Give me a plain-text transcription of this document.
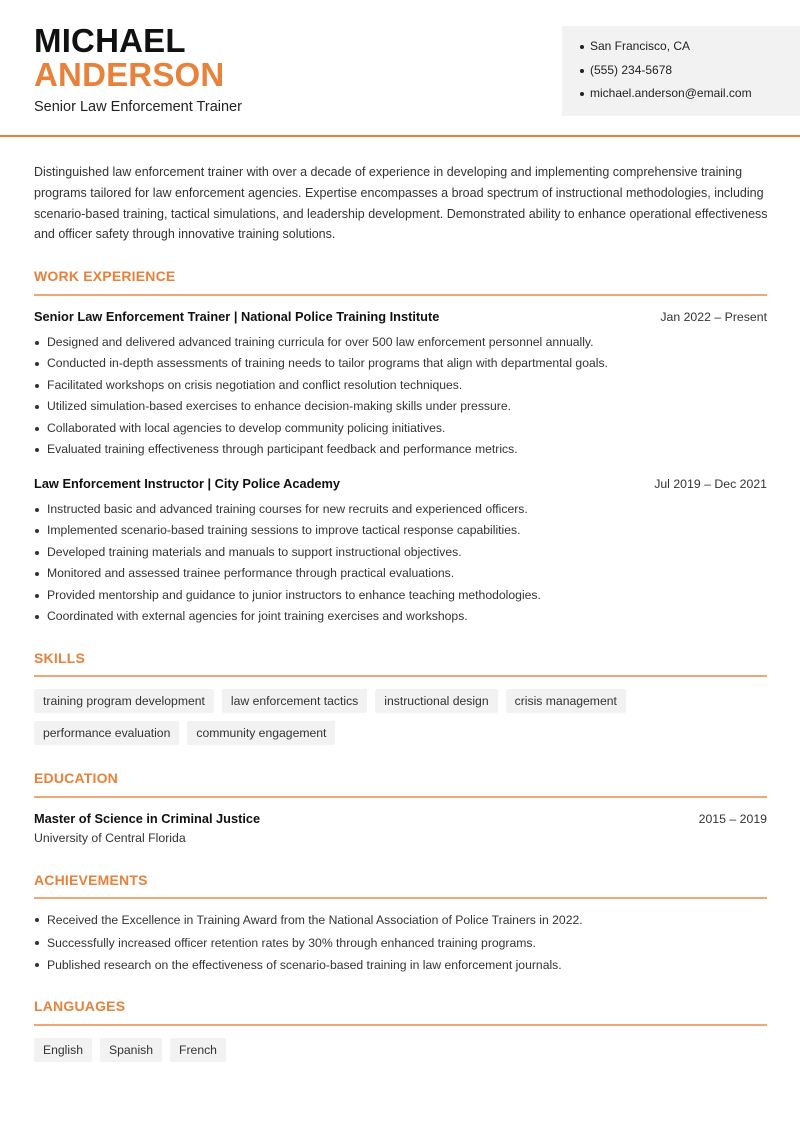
MICHAEL
ANDERSON
Senior Law Enforcement Trainer
San Francisco, CA
(555) 234-5678
michael.anderson@email.com

Distinguished law enforcement trainer with over a decade of experience in developing and implementing comprehensive training programs tailored for law enforcement agencies. Expertise encompasses a broad spectrum of instructional methodologies, including scenario-based training, tactical simulations, and leadership development. Demonstrated ability to enhance operational effectiveness and officer safety through innovative training solutions.

WORK EXPERIENCE
Senior Law Enforcement Trainer | National Police Training Institute	Jan 2022 – Present
Designed and delivered advanced training curricula for over 500 law enforcement personnel annually.
Conducted in-depth assessments of training needs to tailor programs that align with departmental goals.
Facilitated workshops on crisis negotiation and conflict resolution techniques.
Utilized simulation-based exercises to enhance decision-making skills under pressure.
Collaborated with local agencies to develop community policing initiatives.
Evaluated training effectiveness through participant feedback and performance metrics.
Law Enforcement Instructor | City Police Academy	Jul 2019 – Dec 2021
Instructed basic and advanced training courses for new recruits and experienced officers.
Implemented scenario-based training sessions to improve tactical response capabilities.
Developed training materials and manuals to support instructional objectives.
Monitored and assessed trainee performance through practical evaluations.
Provided mentorship and guidance to junior instructors to enhance teaching methodologies.
Coordinated with external agencies for joint training exercises and workshops.
SKILLS
training program development	law enforcement tactics	instructional design	crisis management
performance evaluation	community engagement
EDUCATION
Master of Science in Criminal Justice	2015 – 2019
University of Central Florida
ACHIEVEMENTS
Received the Excellence in Training Award from the National Association of Police Trainers in 2022.
Successfully increased officer retention rates by 30% through enhanced training programs.
Published research on the effectiveness of scenario-based training in law enforcement journals.
LANGUAGES
English	Spanish	French
